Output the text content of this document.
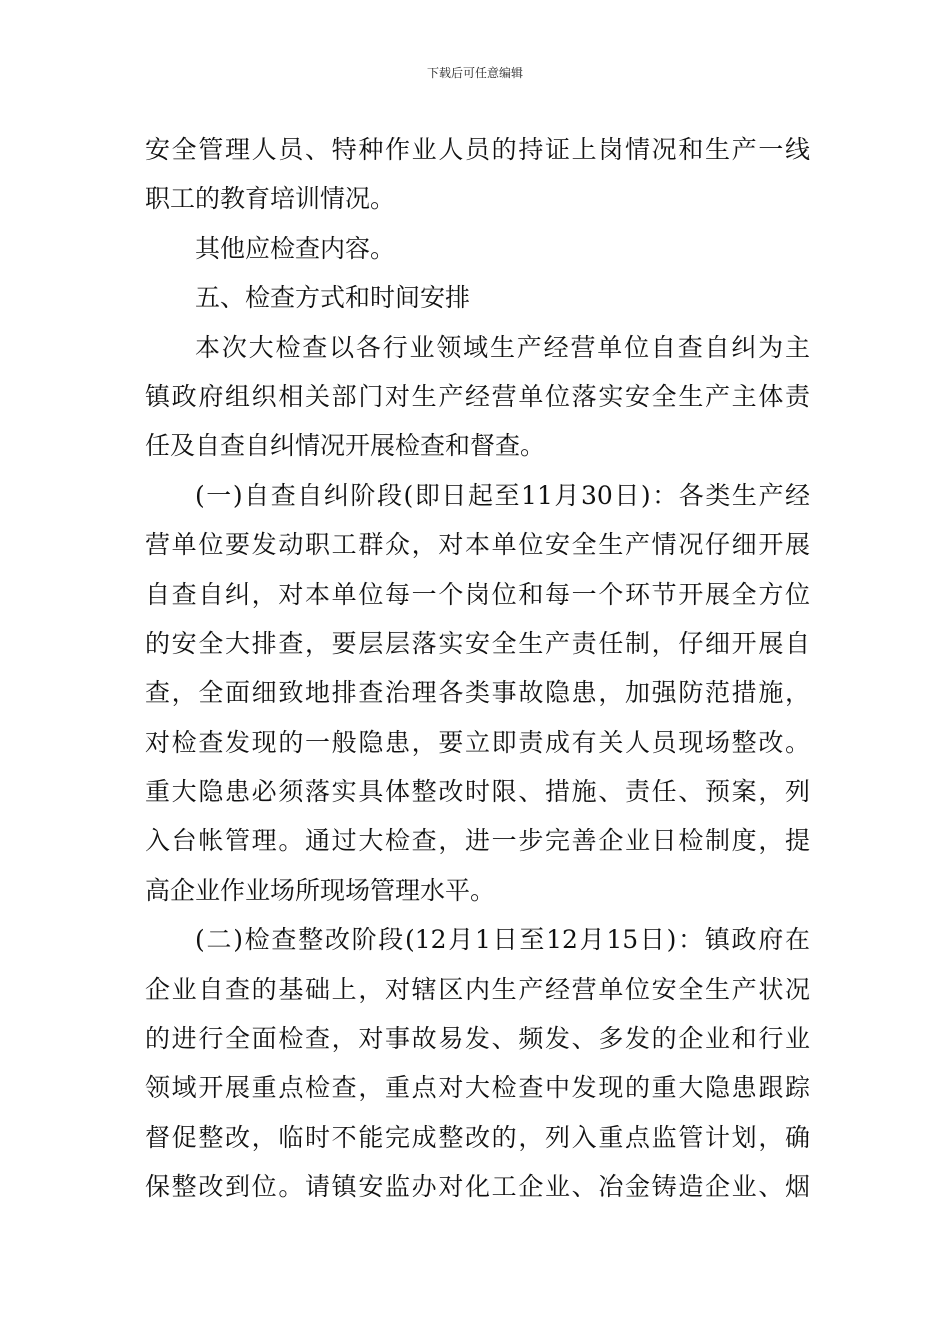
下载后可任意编辑
安全管理人员、特种作业人员的持证上岗情况和生产一线
职工的教育培训情况。
其他应检查内容。
五、检查方式和时间安排
本次大检查以各行业领域生产经营单位自查自纠为主
镇政府组织相关部门对生产经营单位落实安全生产主体责
任及自查自纠情况开展检查和督查。
(一)自查自纠阶段(即日起至11月30日)：各类生产经
营单位要发动职工群众，对本单位安全生产情况仔细开展
自查自纠，对本单位每一个岗位和每一个环节开展全方位
的安全大排查，要层层落实安全生产责任制，仔细开展自
查，全面细致地排查治理各类事故隐患，加强防范措施，
对检查发现的一般隐患，要立即责成有关人员现场整改。
重大隐患必须落实具体整改时限、措施、责任、预案，列
入台帐管理。通过大检查，进一步完善企业日检制度，提
高企业作业场所现场管理水平。
(二)检查整改阶段(12月1日至12月15日)：镇政府在
企业自查的基础上，对辖区内生产经营单位安全生产状况
的进行全面检查，对事故易发、频发、多发的企业和行业
领域开展重点检查，重点对大检查中发现的重大隐患跟踪
督促整改，临时不能完成整改的，列入重点监管计划，确
保整改到位。请镇安监办对化工企业、冶金铸造企业、烟
